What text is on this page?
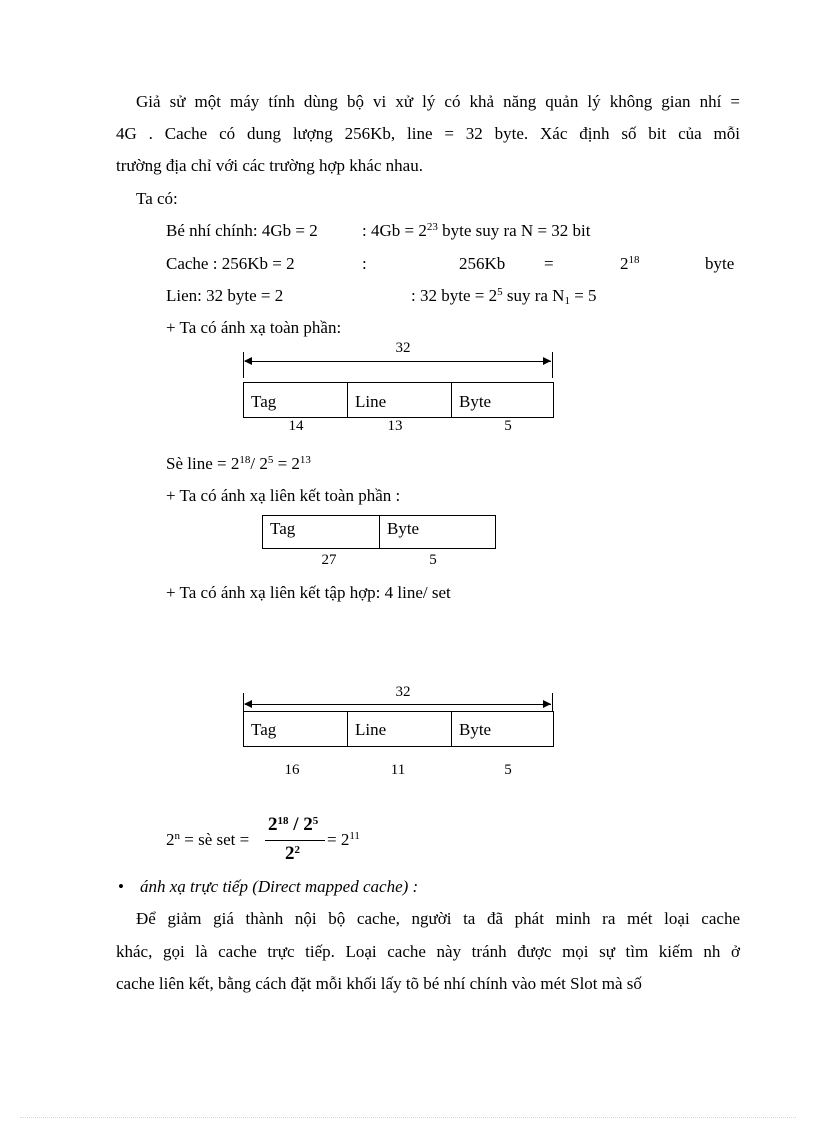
Giả sử một máy tính dùng bộ vi xử lý có khả năng quản lý không gian nhí =
4G . Cache có dung lượng 256Kb, line = 32 byte. Xác định số bit của mỗi
trường địa chỉ với các trường hợp khác nhau.
Ta có:
Bé nhí chính: 4Gb = 2	: $4Gb = 2^{23}$ byte suy ra N = 32 bit
Cache : 256Kb = 2	:	256Kb =	$2^{18}$	byte
Lien: 32 byte = 2	: 32 byte = $2^5$ suy ra $N_1 = 5$
+ Ta có ánh xạ toàn phần:
32
Tag	Line	Byte
14	13	5
Sè line = $2^{18}/$ $2^5 = 2^{13}$
+ Ta có ánh xạ liên kết toàn phần :
Tag	Byte
27	5
+ Ta có ánh xạ liên kết tập hợp: 4 line/ set
32
Tag	Line	Byte
16	11	5
$2^n$ = sè set =
$2^{18} / 2^5$
$2^2$
= $2^{11}$
• ánh xạ trực tiếp (Direct mapped cache) :
Để giảm giá thành nội bộ cache, người ta đã phát minh ra mét loại cache
khác, gọi là cache trực tiếp. Loại cache này tránh được mọi sự tìm kiếm nh ở
cache liên kết, bằng cách đặt mỗi khối lấy tõ bé nhí chính vào mét Slot mà số
